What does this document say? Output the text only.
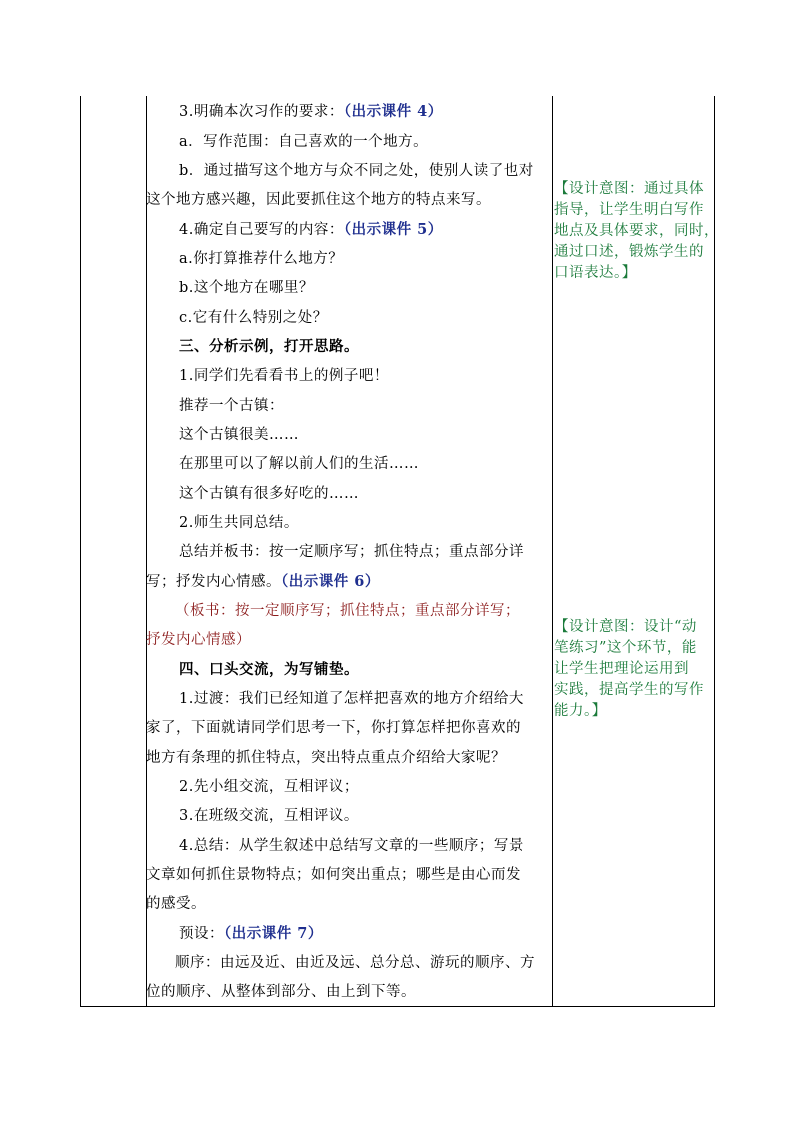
3.明确本次习作的要求：（出示课件 4）
a．写作范围：自己喜欢的一个地方。
b．通过描写这个地方与众不同之处，使别人读了也对
这个地方感兴趣，因此要抓住这个地方的特点来写。
4.确定自己要写的内容：（出示课件 5）
a.你打算推荐什么地方？
b.这个地方在哪里？
c.它有什么特别之处？
三、分析示例，打开思路。
1.同学们先看看书上的例子吧！
推荐一个古镇：
这个古镇很美……
在那里可以了解以前人们的生活……
这个古镇有很多好吃的……
2.师生共同总结。
总结并板书：按一定顺序写；抓住特点；重点部分详
写；抒发内心情感。（出示课件 6）
（板书：按一定顺序写；抓住特点；重点部分详写；
抒发内心情感）
四、口头交流，为写铺垫。
1.过渡：我们已经知道了怎样把喜欢的地方介绍给大
家了，下面就请同学们思考一下，你打算怎样把你喜欢的
地方有条理的抓住特点，突出特点重点介绍给大家呢？
2.先小组交流，互相评议；
3.在班级交流，互相评议。
4.总结：从学生叙述中总结写文章的一些顺序；写景
文章如何抓住景物特点；如何突出重点；哪些是由心而发
的感受。
预设：（出示课件 7）
顺序：由远及近、由近及远、总分总、游玩的顺序、方
位的顺序、从整体到部分、由上到下等。
【设计意图：通过具体
指导，让学生明白写作
地点及具体要求，同时，
通过口述，锻炼学生的
口语表达。】
【设计意图：设计“动
笔练习”这个环节，能
让学生把理论运用到
实践，提高学生的写作
能力。】
